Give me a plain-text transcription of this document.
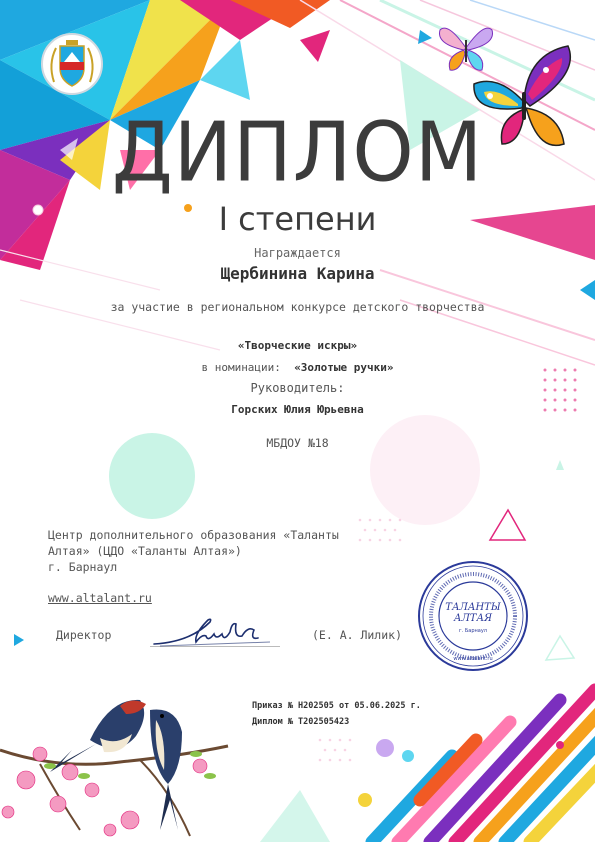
ДИПЛОМ
I степени
Награждается
Щербинина Карина
за участие в региональном конкурсе детского творчества
«Творческие искры»
в номинации: «Золотые ручки»
Руководитель:
Горских Юлия Юрьевна
МБДОУ №18
Центр дополнительного образования «Таланты Алтая» (ЦДО «Таланты Алтая»)
г. Барнаул
www.altalant.ru
Директор	(Е. А. Лилик)
ТАЛАНТЫ
АЛТАЯ
г. Барнаул
www.altalant.ru
Приказ № Н202505 от 05.06.2025 г.
Диплом № Т202505423
